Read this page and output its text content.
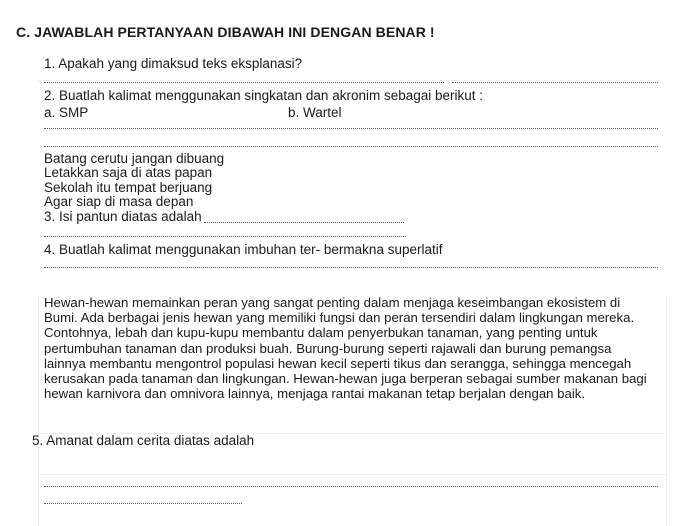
C. JAWABLAH PERTANYAAN DIBAWAH INI DENGAN BENAR !
1. Apakah yang dimaksud teks eksplanasi?
2. Buatlah kalimat menggunakan singkatan dan akronim sebagai berikut :
a. SMP	b. Wartel
Batang cerutu jangan dibuang
Letakkan saja di atas papan
Sekolah itu tempat berjuang
Agar siap di masa depan
3. Isi pantun diatas adalah
4. Buatlah kalimat menggunakan imbuhan ter- bermakna superlatif
Hewan-hewan memainkan peran yang sangat penting dalam menjaga keseimbangan ekosistem di
Bumi. Ada berbagai jenis hewan yang memiliki fungsi dan peran tersendiri dalam lingkungan mereka.
Contohnya, lebah dan kupu-kupu membantu dalam penyerbukan tanaman, yang penting untuk
pertumbuhan tanaman dan produksi buah. Burung-burung seperti rajawali dan burung pemangsa
lainnya membantu mengontrol populasi hewan kecil seperti tikus dan serangga, sehingga mencegah
kerusakan pada tanaman dan lingkungan. Hewan-hewan juga berperan sebagai sumber makanan bagi
hewan karnivora dan omnivora lainnya, menjaga rantai makanan tetap berjalan dengan baik.
5. Amanat dalam cerita diatas adalah
